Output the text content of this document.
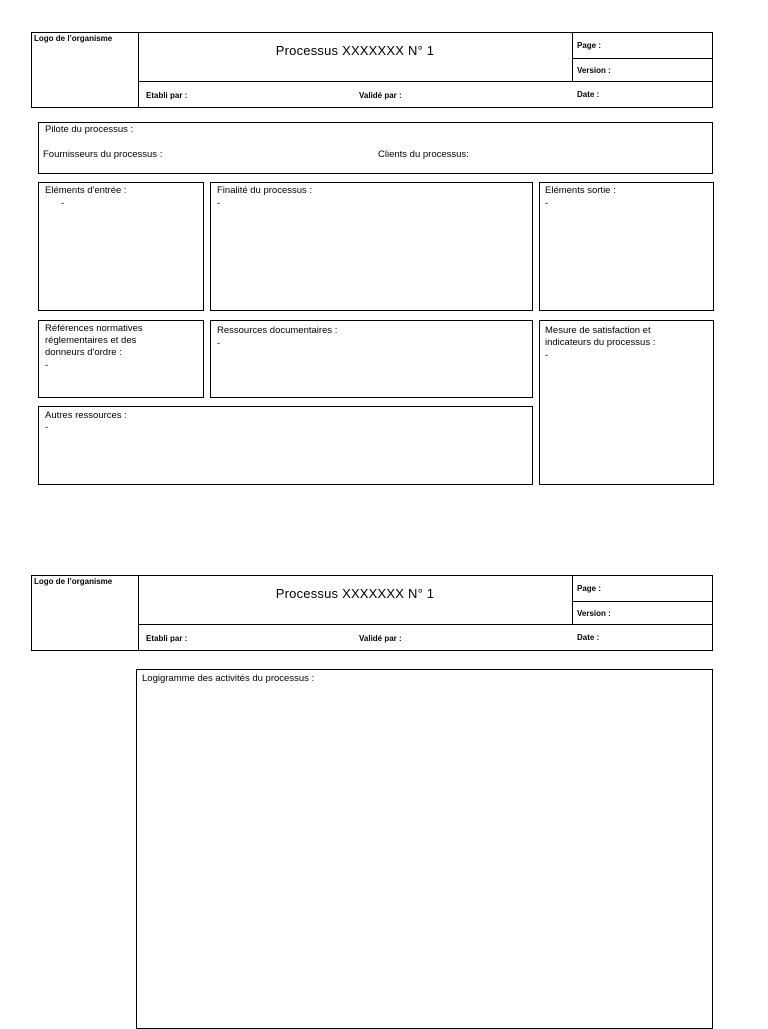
Logo de l’organisme
Processus XXXXXXX N° 1
Etabli par :	Validé par :
Page :
Version :
Date :
Pilote du processus :
Fournisseurs du processus :	Clients du processus:
Eléments d'entrée :
-
Finalité du processus :
-
Eléments sortie :
-
Références normatives
réglementaires et des
donneurs d'ordre :
-
Ressources documentaires :
-
Mesure de satisfaction et
indicateurs du processus :
-
Autres ressources :
-
Logo de l’organisme
Processus XXXXXXX N° 1
Etabli par :	Validé par :
Page :
Version :
Date :
Logigramme des activités du processus :
